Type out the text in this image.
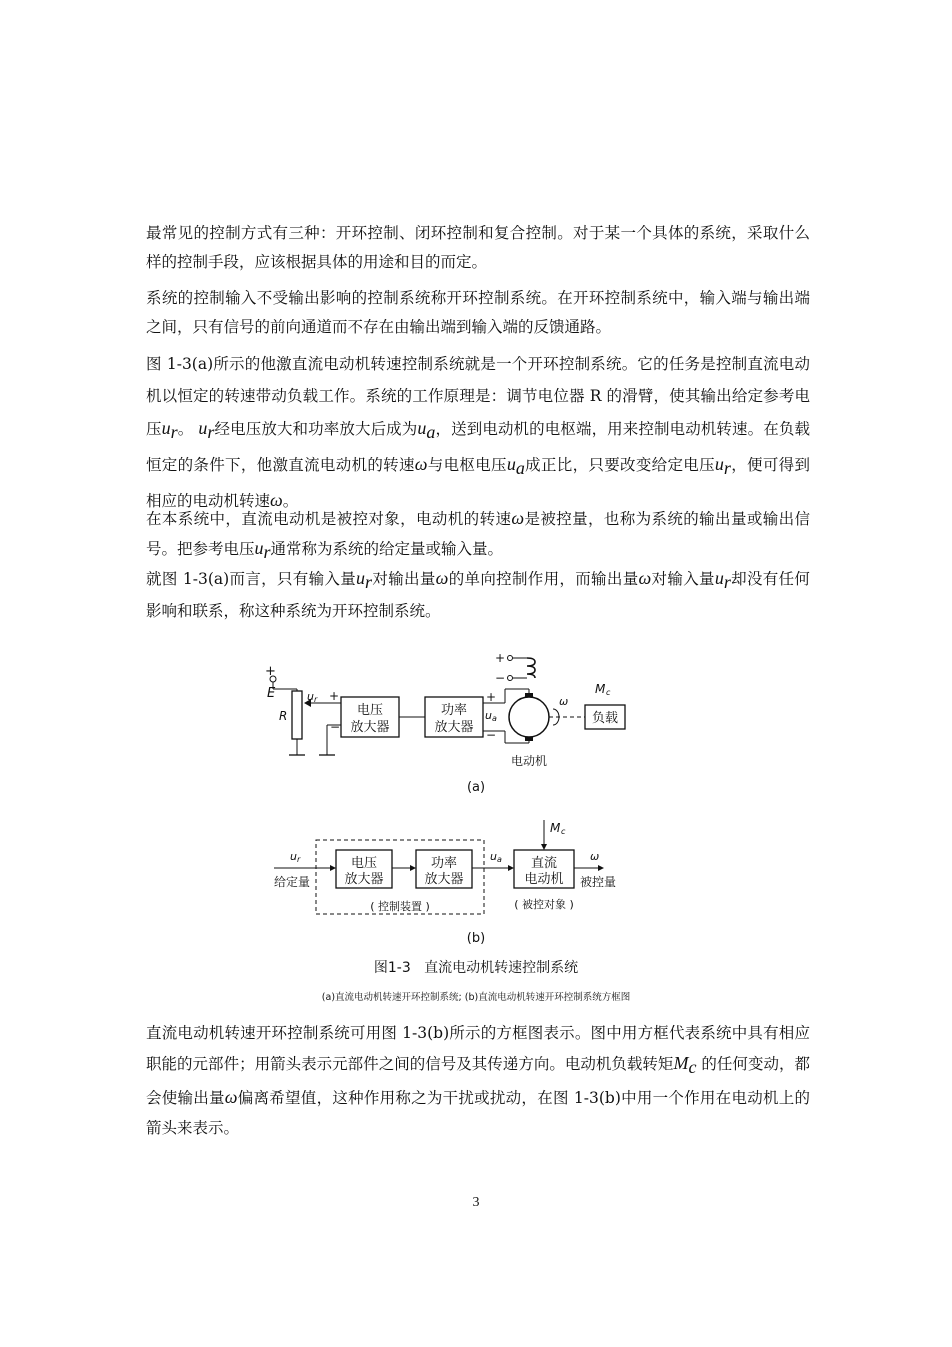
最常见的控制方式有三种：开环控制、闭环控制和复合控制。对于某一个具体的系统，采取什么样的控制手段，应该根据具体的用途和目的而定。

系统的控制输入不受输出影响的控制系统称开环控制系统。在开环控制系统中，输入端与输出端之间，只有信号的前向通道而不存在由输出端到输入端的反馈通路。

图 1-3(a)所示的他激直流电动机转速控制系统就是一个开环控制系统。它的任务是控制直流电动机以恒定的转速带动负载工作。系统的工作原理是：调节电位器 R 的滑臂，使其输出给定参考电压$u_r$。 $u_r$经电压放大和功率放大后成为$u_a$，送到电动机的电枢端，用来控制电动机转速。在负载恒定的条件下，他激直流电动机的转速ω与电枢电压$u_a$成正比，只要改变给定电压$u_r$，便可得到相应的电动机转速ω。

在本系统中，直流电动机是被控对象，电动机的转速ω是被控量，也称为系统的输出量或输出信号。把参考电压$u_r$通常称为系统的给定量或输入量。

就图 1-3(a)而言，只有输入量$u_r$对输出量ω的单向控制作用，而输出量ω对输入量$u_r$却没有任何影响和联系，称这种系统为开环控制系统。

+
E
R
u r +
−
电压
放大器
功率
放大器
+
−
u a
+
−
ω
电动机
M c
负载
(a)
u r
给定量
电压
放大器
功率
放大器
( 控制装置 )
u a 直流
电动机
( 被控对象 )
M c
ω
被控量
(b)
图1-3   直流电动机转速控制系统
(a)直流电动机转速开环控制系统; (b)直流电动机转速开环控制系统方框图

直流电动机转速开环控制系统可用图 1-3(b)所示的方框图表示。图中用方框代表系统中具有相应职能的元部件；用箭头表示元部件之间的信号及其传递方向。电动机负载转矩$M_c$ 的任何变动，都会使输出量ω偏离希望值，这种作用称之为干扰或扰动，在图 1-3(b)中用一个作用在电动机上的箭头来表示。

3
